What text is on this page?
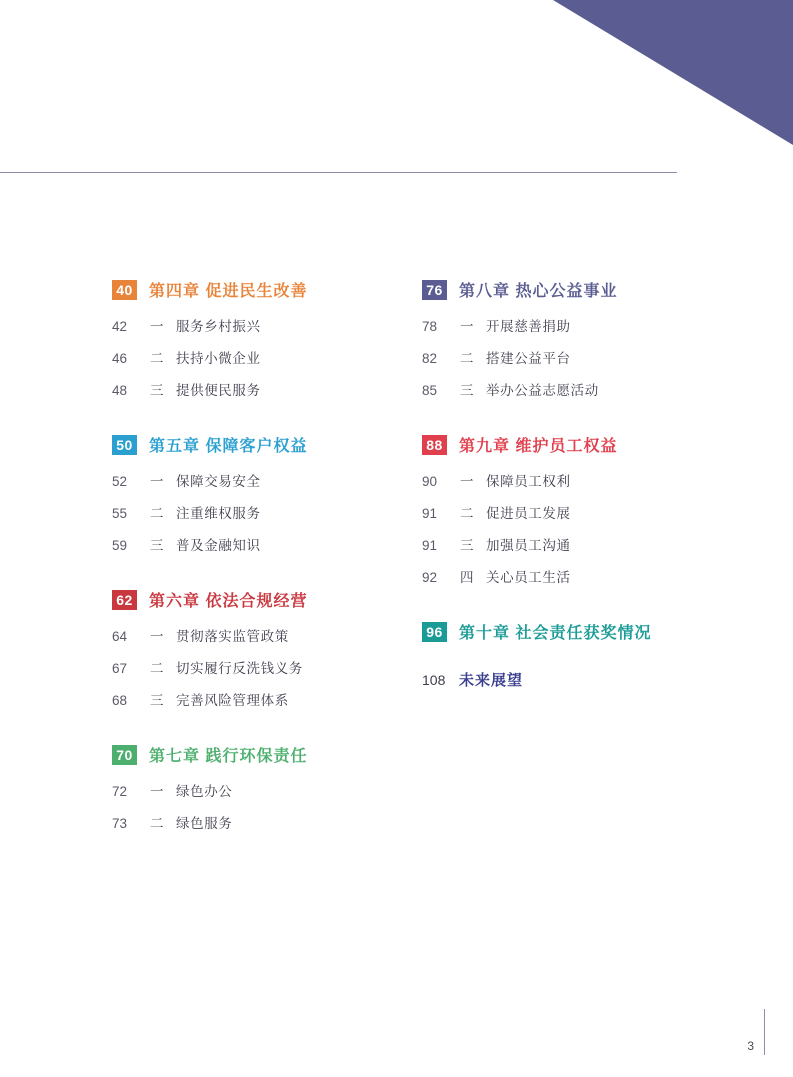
40 第四章 促进民生改善
42	一 服务乡村振兴
46	二 扶持小微企业
48	三 提供便民服务
50 第五章 保障客户权益
52	一 保障交易安全
55	二 注重维权服务
59	三 普及金融知识
62 第六章 依法合规经营
64	一 贯彻落实监管政策
67	二 切实履行反洗钱义务
68	三 完善风险管理体系
70 第七章 践行环保责任
72	一 绿色办公
73	二 绿色服务
76 第八章 热心公益事业
78	一 开展慈善捐助
82	二 搭建公益平台
85	三 举办公益志愿活动
88 第九章 维护员工权益
90	一 保障员工权利
91	二 促进员工发展
91	三 加强员工沟通
92	四 关心员工生活
96 第十章 社会责任获奖情况
108 未来展望
3
